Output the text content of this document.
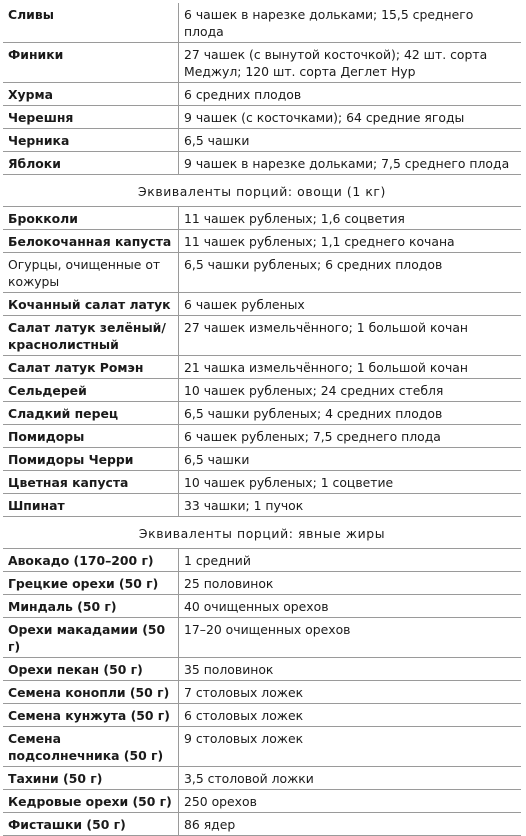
Сливы	6 чашек в нарезке дольками; 15,5 среднего плода
Финики	27 чашек (с вынутой косточкой); 42 шт. сорта Меджул; 120 шт. сорта Деглет Нур
Хурма	6 средних плодов
Черешня	9 чашек (с косточками); 64 средние ягоды
Черника	6,5 чашки
Яблоки	9 чашек в нарезке дольками; 7,5 среднего плода
Эквиваленты порций: овощи (1 кг)	
Брокколи	11 чашек рубленых; 1,6 соцветия
Белокочанная капуста	11 чашек рубленых; 1,1 среднего кочана
Огурцы, очищенные от кожуры	6,5 чашки рубленых; 6 средних плодов
Кочанный салат латук	6 чашек рубленых
Салат латук зелёный/ краснолистный	27 чашек измельчённого; 1 большой кочан
Салат латук Ромэн	21 чашка измельчённого; 1 большой кочан
Сельдерей	10 чашек рубленых; 24 средних стебля
Сладкий перец	6,5 чашки рубленых; 4 средних плодов
Помидоры	6 чашек рубленых; 7,5 среднего плода
Помидоры Черри	6,5 чашки
Цветная капуста	10 чашек рубленых; 1 соцветие
Шпинат	33 чашки; 1 пучок
Эквиваленты порций: явные жиры	
Авокадо (170–200 г)	1 средний
Грецкие орехи (50 г)	25 половинок
Миндаль (50 г)	40 очищенных орехов
Орехи макадамии (50 г)	17–20 очищенных орехов
Орехи пекан (50 г)	35 половинок
Семена конопли (50 г)	7 столовых ложек
Семена кунжута (50 г)	6 столовых ложек
Семена подсолнечника (50 г)	9 столовых ложек
Тахини (50 г)	3,5 столовой ложки
Кедровые орехи (50 г)	250 орехов
Фисташки (50 г)	86 ядер
